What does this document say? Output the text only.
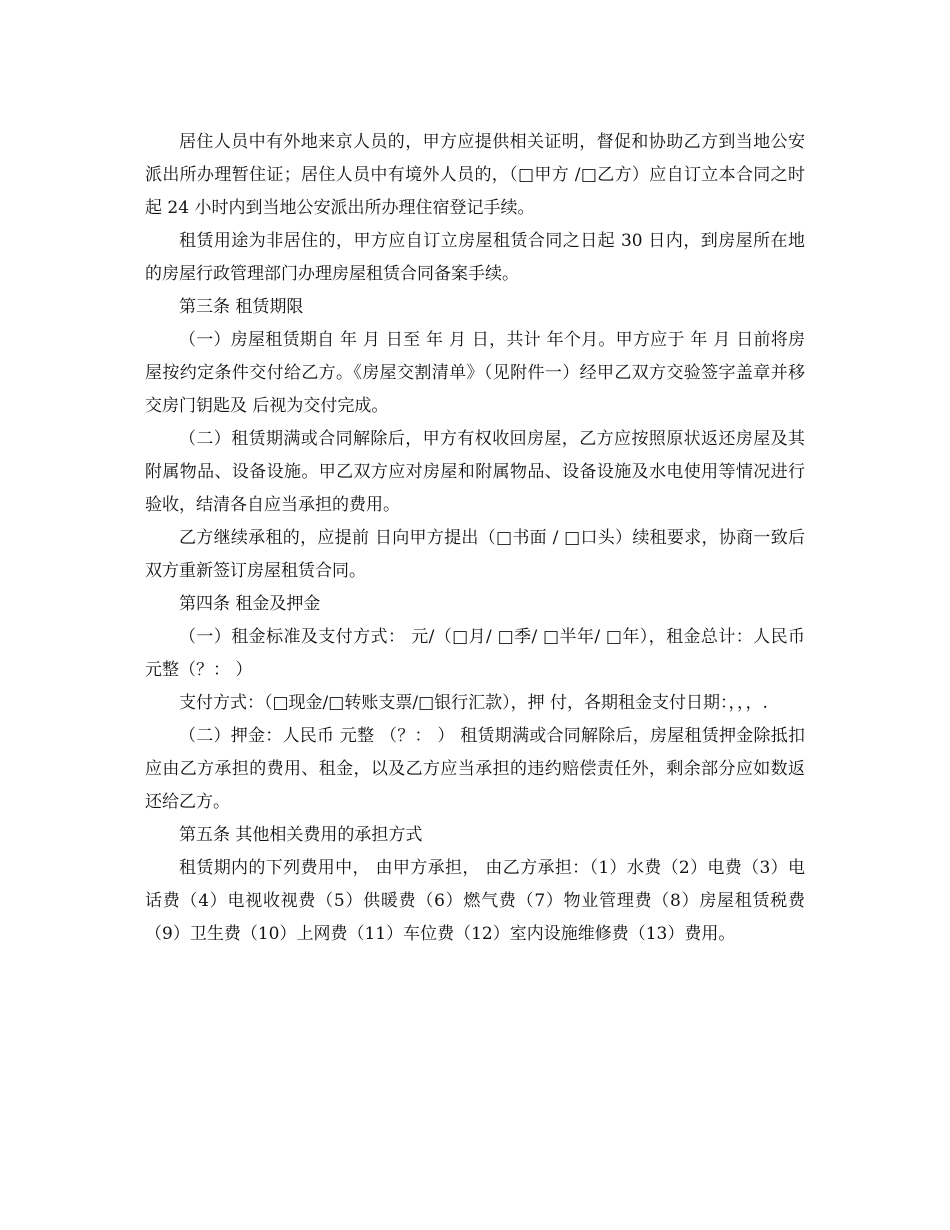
居住人员中有外地来京人员的，甲方应提供相关证明，督促和协助乙方到当地公安派出所办理暂住证；居住人员中有境外人员的，（□甲方 /□乙方）应自订立本合同之时起 24 小时内到当地公安派出所办理住宿登记手续。

租赁用途为非居住的，甲方应自订立房屋租赁合同之日起 30 日内，到房屋所在地的房屋行政管理部门办理房屋租赁合同备案手续。

第三条 租赁期限

（一）房屋租赁期自 年 月 日至 年 月 日，共计 年个月。甲方应于 年 月 日前将房屋按约定条件交付给乙方。《房屋交割清单》（见附件一）经甲乙双方交验签字盖章并移交房门钥匙及 后视为交付完成。

（二）租赁期满或合同解除后，甲方有权收回房屋，乙方应按照原状返还房屋及其附属物品、设备设施。甲乙双方应对房屋和附属物品、设备设施及水电使用等情况进行验收，结清各自应当承担的费用。

乙方继续承租的，应提前 日向甲方提出（□书面 / □口头）续租要求，协商一致后双方重新签订房屋租赁合同。

第四条 租金及押金

（一）租金标准及支付方式： 元/（□月/ □季/ □半年/ □年），租金总计：人民币 元整（？： ）

支付方式：（□现金/□转账支票/□银行汇款），押 付，各期租金支付日期：，，，.

（二）押金：人民币 元整 （？： ） 租赁期满或合同解除后，房屋租赁押金除抵扣应由乙方承担的费用、租金，以及乙方应当承担的违约赔偿责任外，剩余部分应如数返还给乙方。

第五条 其他相关费用的承担方式

租赁期内的下列费用中， 由甲方承担， 由乙方承担：（1）水费（2）电费（3）电话费（4）电视收视费（5）供暖费（6）燃气费（7）物业管理费（8）房屋租赁税费（9）卫生费（10）上网费（11）车位费（12）室内设施维修费（13）费用。
